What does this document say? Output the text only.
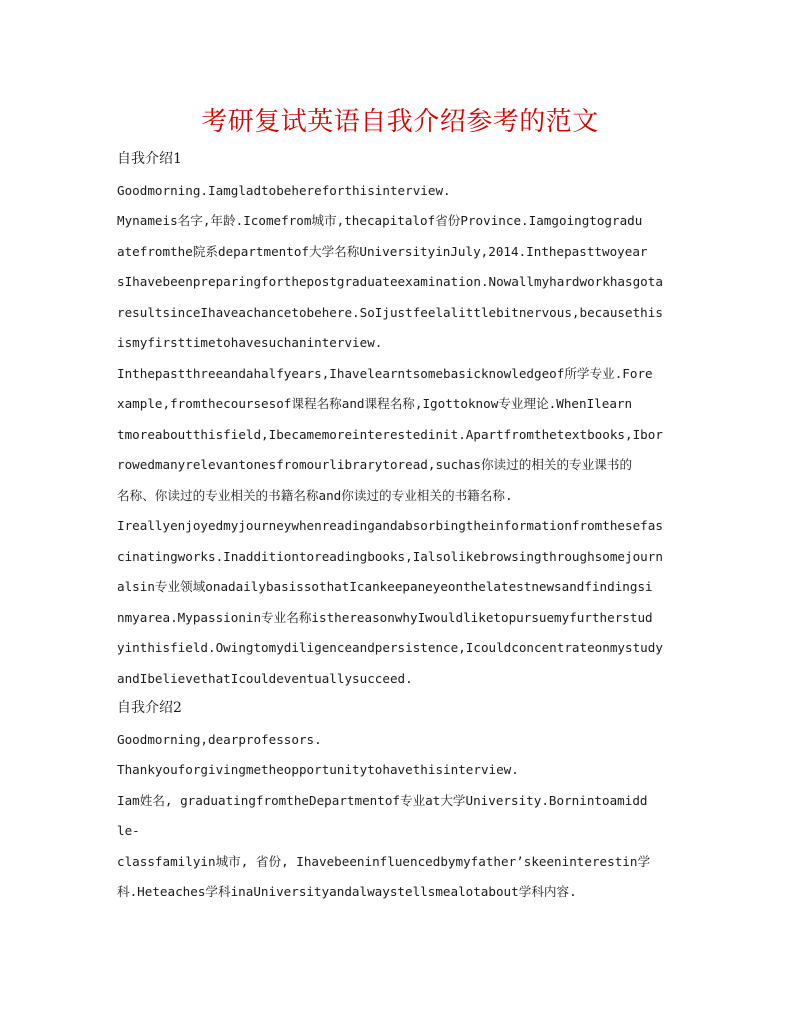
考研复试英语自我介绍参考的范文
自我介绍1
Goodmorning.Iamgladtobehereforthisinterview.
Mynameis名字,年龄.Icomefrom城市,thecapitalof省份Province.Iamgoingtogradu
atefromthe院系departmentof大学名称UniversityinJuly,2014.Inthepasttwoyear
sIhavebeenpreparingforthepostgraduateexamination.Nowallmyhardworkhasgota
resultsinceIhaveachancetobehere.SoIjustfeelalittlebitnervous,becausethis
ismyfirsttimetohavesuchaninterview.
Inthepastthreeandahalfyears,Ihavelearntsomebasicknowledgeof所学专业.Fore
xample,fromthecoursesof课程名称and课程名称,Igottoknow专业理论.WhenIlearn
tmoreaboutthisfield,Ibecamemoreinterestedinit.Apartfromthetextbooks,Ibor
rowedmanyrelevantonesfromourlibrarytoread,suchas你读过的相关的专业课书的
名称、你读过的专业相关的书籍名称and你读过的专业相关的书籍名称.
Ireallyenjoyedmyjourneywhenreadingandabsorbingtheinformationfromthesefas
cinatingworks.Inadditiontoreadingbooks,Ialsolikebrowsingthroughsomejourn
alsin专业领域onadailybasissothatIcankeepaneyeonthelatestnewsandfindingsi
nmyarea.Mypassionin专业名称isthereasonwhyIwouldliketopursuemyfurtherstud
yinthisfield.Owingtomydiligenceandpersistence,Icouldconcentrateonmystudy
andIbelievethatIcouldeventuallysucceed.
自我介绍2
Goodmorning,dearprofessors.
Thankyouforgivingmetheopportunitytohavethisinterview.
Iam姓名, graduatingfromtheDepartmentof专业at大学University.Bornintoamidd
le-
classfamilyin城市, 省份, Ihavebeeninfluencedbymyfather’skeeninterestin学
科.Heteaches学科inaUniversityandalwaystellsmealotabout学科内容.
